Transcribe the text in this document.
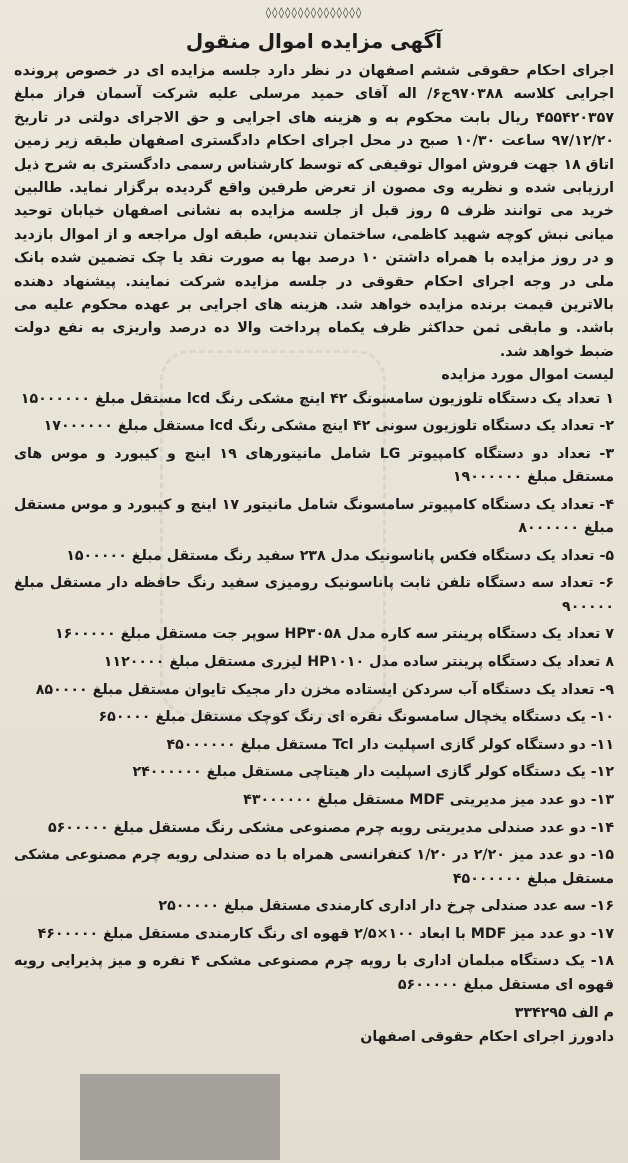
◊◊◊◊◊◊◊◊◊◊◊◊◊◊◊
آگهی مزایده اموال منقول

اجرای احکام حقوقی ششم اصفهان در نظر دارد جلسه مزایده ای در خصوص پرونده اجرایی کلاسه ۹۷۰۳۸۸ج۶/ اله آقای حمید مرسلی علیه شرکت آسمان فراز مبلغ ۴۵۵۴۲۰۳۵۷ ریال بابت محکوم به و هزینه های اجرایی و حق الاجرای دولتی در تاریخ ۹۷/۱۲/۲۰ ساعت ۱۰/۳۰ صبح در محل اجرای احکام دادگستری اصفهان طبقه زیر زمین اتاق ۱۸ جهت فروش اموال توقیفی که توسط کارشناس رسمی دادگستری به شرح ذیل ارزیابی شده و نظریه وی مصون از تعرض طرفین واقع گردیده برگزار نماید. طالبین خرید می توانند ظرف ۵ روز قبل از جلسه مزایده به نشانی اصفهان خیابان توحید میانی نبش کوچه شهید کاظمی، ساختمان تندیس، طبقه اول مراجعه و از اموال بازدید و در روز مزایده با همراه داشتن ۱۰ درصد بها به صورت نقد یا چک تضمین شده بانک ملی در وجه اجرای احکام حقوقی در جلسه مزایده شرکت نمایند. پیشنهاد دهنده بالاترین قیمت برنده مزایده خواهد شد. هزینه های اجرایی بر عهده محکوم علیه می باشد. و مابقی ثمن حداکثر ظرف یکماه پرداخت والا ده درصد واریزی به نفع دولت ضبط خواهد شد.

لیست اموال مورد مزایده

۱ تعداد یک دستگاه تلوزیون سامسونگ ۴۲ اینچ مشکی رنگ lcd مستقل مبلغ ۱۵۰۰۰۰۰۰
۲- تعداد یک دستگاه تلوزیون سونی ۴۲ اینچ مشکی رنگ lcd مستقل مبلغ ۱۷۰۰۰۰۰۰
۳- تعداد دو دستگاه کامپیوتر LG شامل مانیتورهای ۱۹ اینچ و کیبورد و موس های مستقل مبلغ ۱۹۰۰۰۰۰۰
۴- تعداد یک دستگاه کامپیوتر سامسونگ شامل مانیتور ۱۷ اینچ و کیبورد و موس مستقل مبلغ ۸۰۰۰۰۰۰
۵- تعداد یک دستگاه فکس پاناسونیک مدل ۲۳۸ سفید رنگ مستقل مبلغ ۱۵۰۰۰۰۰
۶- تعداد سه دستگاه تلفن ثابت پاناسونیک رومیزی سفید رنگ حافظه دار مستقل مبلغ ۹۰۰۰۰۰
۷ تعداد یک دستگاه پرینتر سه کاره مدل HP۳۰۵۸ سوپر جت مستقل مبلغ ۱۶۰۰۰۰۰
۸ تعداد یک دستگاه پرینتر ساده مدل HP۱۰۱۰ لیزری مستقل مبلغ ۱۱۲۰۰۰۰
۹- تعداد یک دستگاه آب سردکن ایستاده مخزن دار مجیک تایوان مستقل مبلغ ۸۵۰۰۰۰
۱۰- یک دستگاه یخچال سامسونگ نقره ای رنگ کوچک مستقل مبلغ ۶۵۰۰۰۰
۱۱- دو دستگاه کولر گازی اسپلیت دار Tcl مستقل مبلغ ۴۵۰۰۰۰۰۰
۱۲- یک دستگاه کولر گازی اسپلیت دار هیتاچی مستقل مبلغ ۲۴۰۰۰۰۰۰
۱۳- دو عدد میز مدیریتی MDF مستقل مبلغ ۴۳۰۰۰۰۰۰
۱۴- دو عدد صندلی مدیریتی رویه چرم مصنوعی مشکی رنگ مستقل مبلغ ۵۶۰۰۰۰۰
۱۵- دو عدد میز ۲/۲۰ در ۱/۲۰ کنفرانسی همراه با ده صندلی رویه چرم مصنوعی مشکی مستقل مبلغ ۴۵۰۰۰۰۰۰
۱۶- سه عدد صندلی چرخ دار اداری کارمندی مستقل مبلغ ۲۵۰۰۰۰۰
۱۷- دو عدد میز MDF با ابعاد ۱۰۰×۲/۵ قهوه ای رنگ کارمندی مستقل مبلغ ۴۶۰۰۰۰۰
۱۸- یک دستگاه مبلمان اداری با رویه چرم مصنوعی مشکی ۴ نفره و میز پذیرایی رویه قهوه ای مستقل مبلغ ۵۶۰۰۰۰۰

م الف ۳۳۴۲۹۵

دادورز اجرای احکام حقوقی اصفهان
